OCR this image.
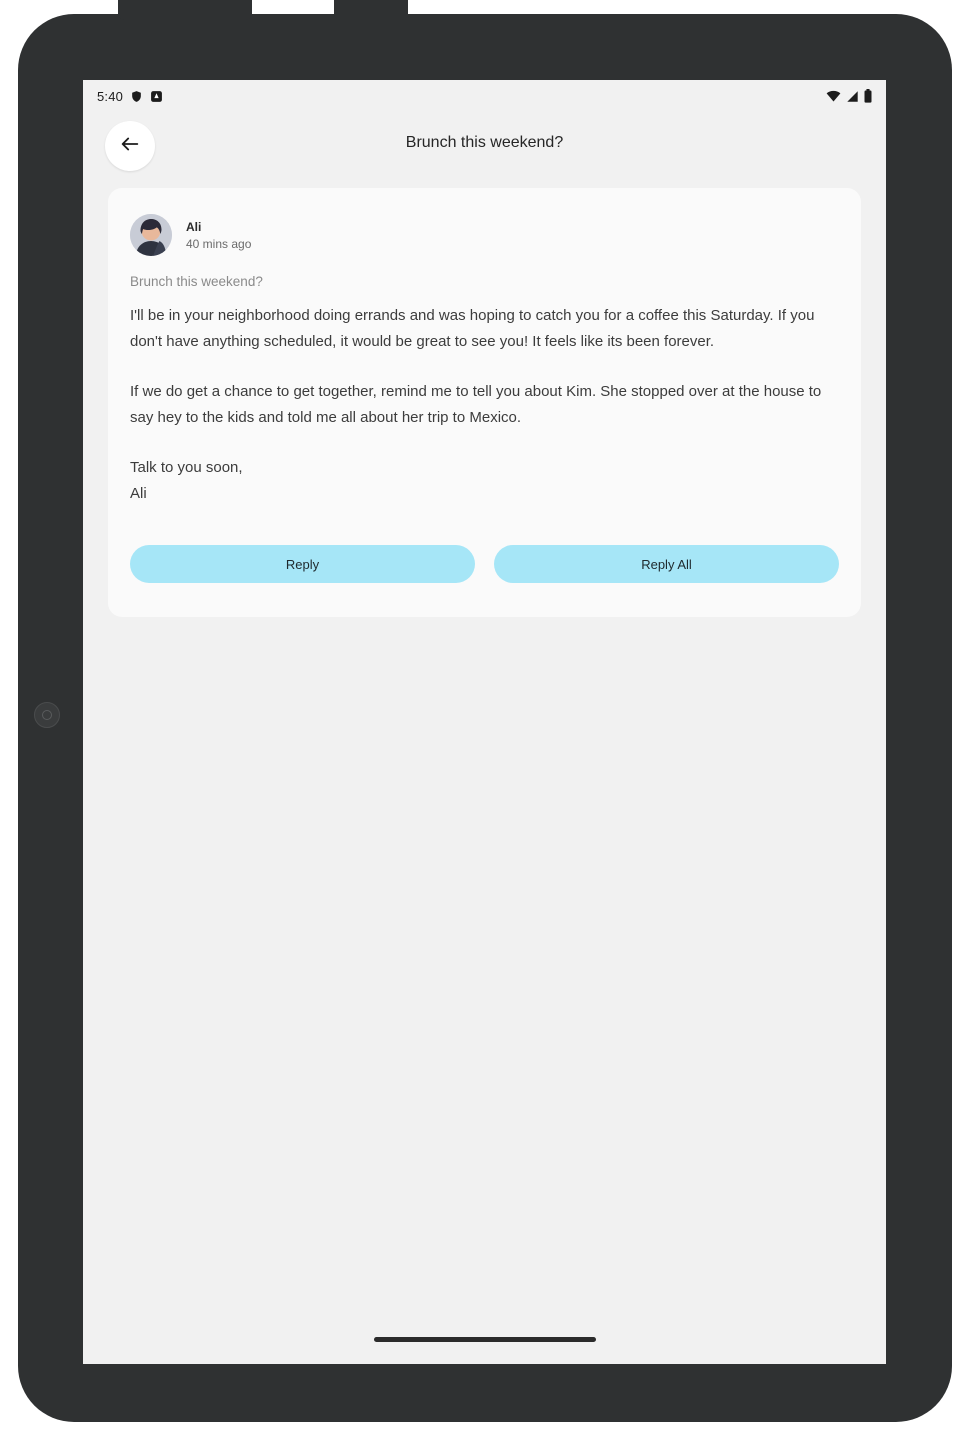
5:40
Brunch this weekend?
Ali
40 mins ago
Brunch this weekend?

I'll be in your neighborhood doing errands and was hoping to catch you for a coffee this Saturday. If you don't have anything scheduled, it would be great to see you! It feels like its been forever.

If we do get a chance to get together, remind me to tell you about Kim. She stopped over at the house to say hey to the kids and told me all about her trip to Mexico.

Talk to you soon,
Ali

Reply	Reply All
